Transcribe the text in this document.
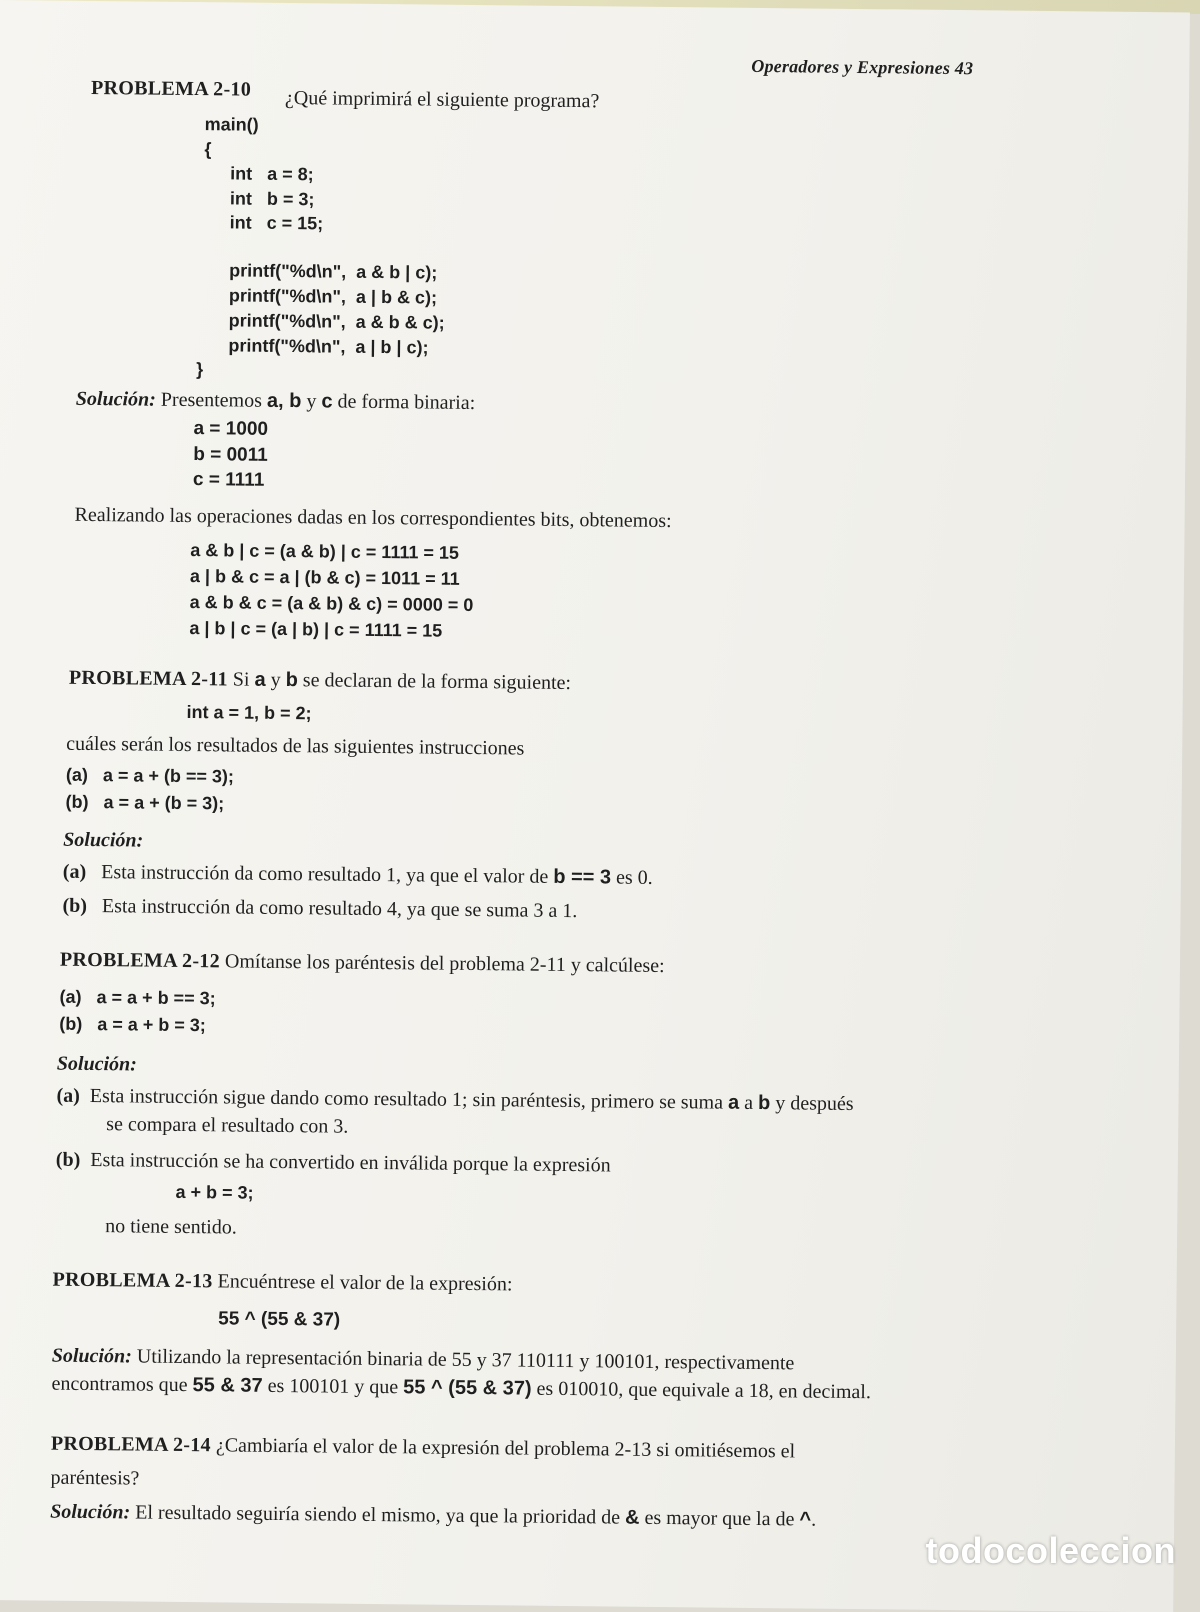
Operadores y Expresiones 43
PROBLEMA 2-10 ¿Qué imprimirá el siguiente programa?
main()
{
int   a = 8;
int   b = 3;
int   c = 15;
printf("%d\n",  a & b | c);
printf("%d\n",  a | b & c);
printf("%d\n",  a & b & c);
printf("%d\n",  a | b | c);
}
Solución: Presentemos a, b y c de forma binaria:
a = 1000
b = 0011
c = 1111
Realizando las operaciones dadas en los correspondientes bits, obtenemos:
a & b | c = (a & b) | c = 1111 = 15
a | b & c = a | (b & c) = 1011 = 11
a & b & c = (a & b) & c) = 0000 = 0
a | b | c = (a | b) | c = 1111 = 15
PROBLEMA 2-11 Si a y b se declaran de la forma siguiente:
int a = 1, b = 2;
cuáles serán los resultados de las siguientes instrucciones
(a) a = a + (b == 3);
(b) a = a + (b = 3);
Solución:
(a) Esta instrucción da como resultado 1, ya que el valor de b == 3 es 0.
(b) Esta instrucción da como resultado 4, ya que se suma 3 a 1.
PROBLEMA 2-12 Omítanse los paréntesis del problema 2-11 y calcúlese:
(a) a = a + b == 3;
(b) a = a + b = 3;
Solución:
(a) Esta instrucción sigue dando como resultado 1; sin paréntesis, primero se suma a a b y después
se compara el resultado con 3.
(b) Esta instrucción se ha convertido en inválida porque la expresión
a + b = 3;
no tiene sentido.
PROBLEMA 2-13 Encuéntrese el valor de la expresión:
55 ^ (55 & 37)
Solución: Utilizando la representación binaria de 55 y 37 110111 y 100101, respectivamente
encontramos que 55 & 37 es 100101 y que 55 ^ (55 & 37) es 010010, que equivale a 18, en decimal.
PROBLEMA 2-14 ¿Cambiaría el valor de la expresión del problema 2-13 si omitiésemos el
paréntesis?
Solución: El resultado seguiría siendo el mismo, ya que la prioridad de & es mayor que la de ^.
todocoleccion
